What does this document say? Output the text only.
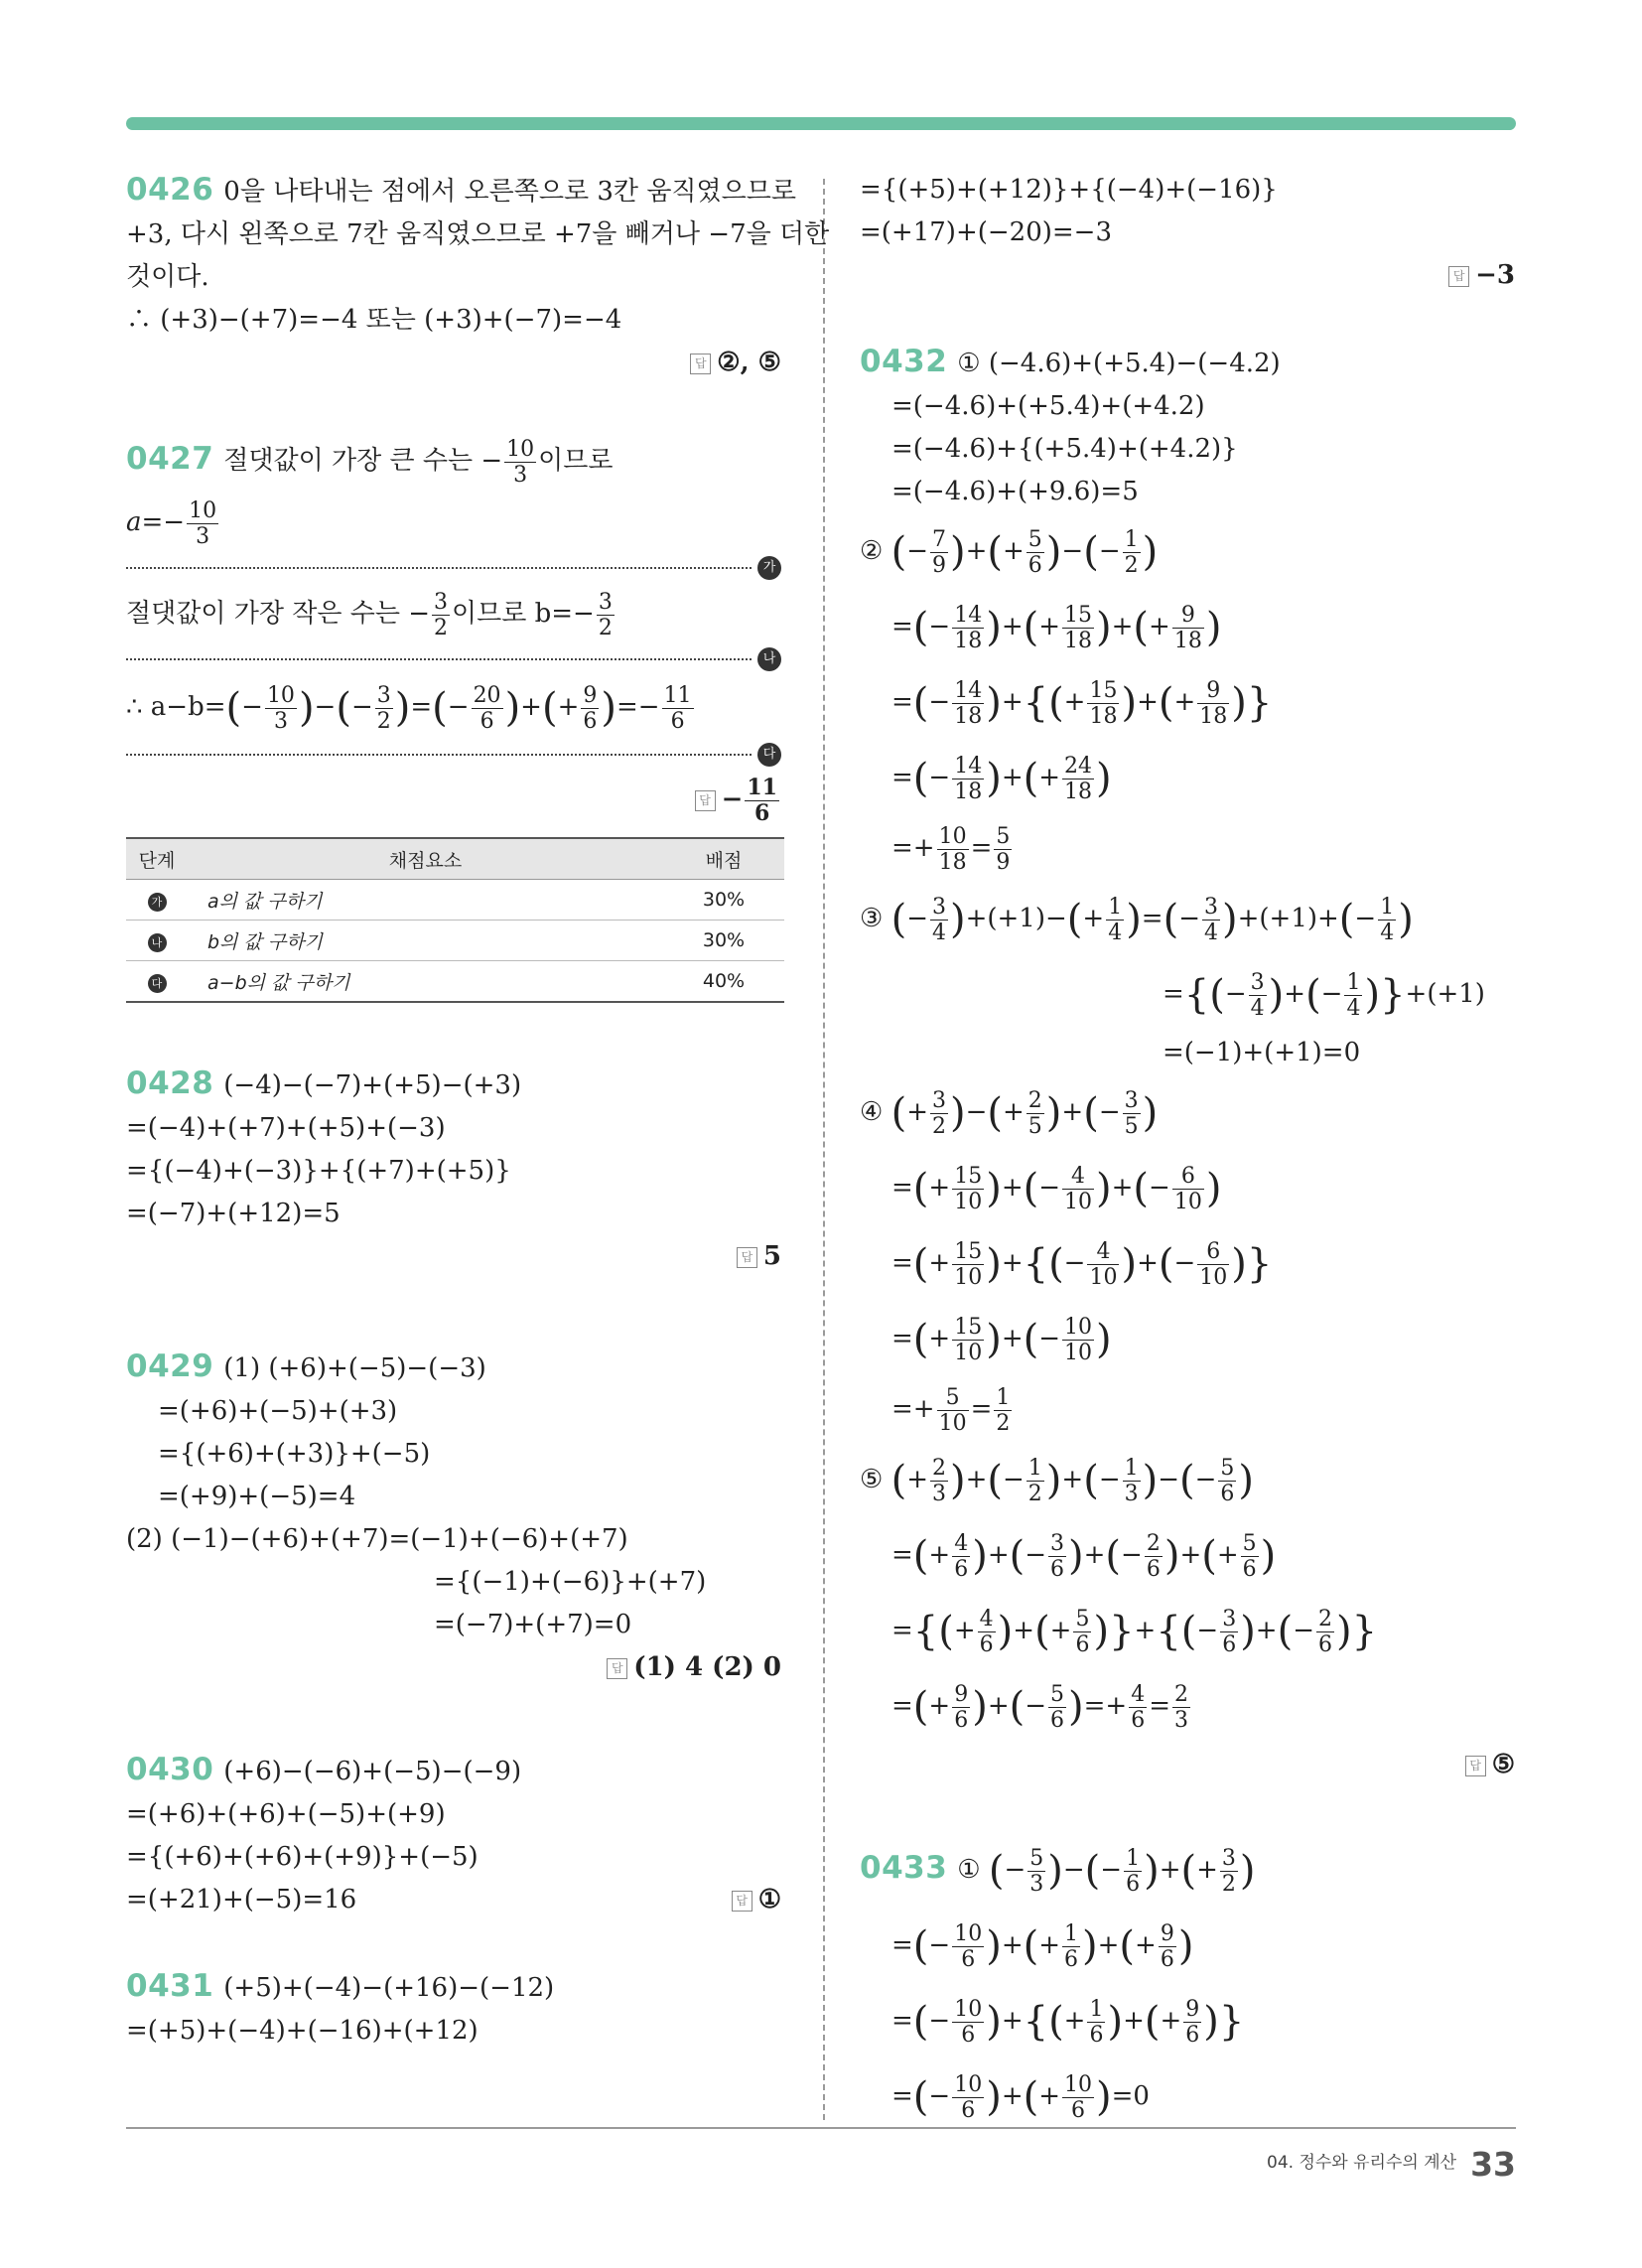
0426 0을 나타내는 점에서 오른쪽으로 3칸 움직였으므로
+3, 다시 왼쪽으로 7칸 움직였으므로 +7을 빼거나 −7을 더한
것이다.
∴ (+3)−(+7)=−4 또는 (+3)+(−7)=−4
답 ②, ⑤
0427 절댓값이 가장 큰 수는 − $\frac{10}{3}$ 이므로
$a=- \frac{10}{3}$
가
절댓값이 가장 작은 수는 − $\frac{3}{2}$ 이므로 $b=- \frac{3}{2}$
나
∴ $a-b=(- \frac{10}{3}$ )−(− $\frac{3}{2}$ )=(− $\frac{20}{6}$ )+(+ $\frac{9}{6}$ )=− $\frac{11}{6}$
다
답 − $\frac{11}{6}$
단계	채점요소	배점
가	a의 값 구하기	30%
나	b의 값 구하기	30%
다	a−b의 값 구하기	40%
0428 (−4)−(−7)+(+5)−(+3)
=(−4)+(+7)+(+5)+(−3)
={(−4)+(−3)}+{(+7)+(+5)}
=(−7)+(+12)=5
답 5
0429 (1) (+6)+(−5)−(−3)
=(+6)+(−5)+(+3)
={(+6)+(+3)}+(−5)
=(+9)+(−5)=4
(2) (−1)−(+6)+(+7)=(−1)+(−6)+(+7)
={(−1)+(−6)}+(+7)
=(−7)+(+7)=0
답 (1) 4 (2) 0
0430 (+6)−(−6)+(−5)−(−9)
=(+6)+(+6)+(−5)+(+9)
={(+6)+(+6)+(+9)}+(−5)
=(+21)+(−5)=16	답 ①
0431 (+5)+(−4)−(+16)−(−12)
=(+5)+(−4)+(−16)+(+12)
={(+5)+(+12)}+{(−4)+(−16)}
=(+17)+(−20)=−3
답 −3
0432 ① (−4.6)+(+5.4)−(−4.2)
=(−4.6)+(+5.4)+(+4.2)
=(−4.6)+{(+5.4)+(+4.2)}
=(−4.6)+(+9.6)=5
② (− $\frac{7}{9}$ )+(+ $\frac{5}{6}$ )−(− $\frac{1}{2}$ )
=(− $\frac{14}{18}$ )+(+ $\frac{15}{18}$ )+(+ $\frac{9}{18}$ )
=(− $\frac{14}{18}$ )+{(+ $\frac{15}{18}$ )+(+ $\frac{9}{18}$ )}
=(− $\frac{14}{18}$ )+(+ $\frac{24}{18}$ )
=+ $\frac{10}{18} = \frac{5}{9}$
③ (− $\frac{3}{4} )+(+1)-(+ \frac{1}{4}$ )=(− $\frac{3}{4} )+(+1)+(- \frac{1}{4}$ )
={(− $\frac{3}{4}$ )+(− $\frac{1}{4} )\}+(+1)$
=(−1)+(+1)=0
④ (+ $\frac{3}{2}$ )−(+ $\frac{2}{5}$ )+(− $\frac{3}{5}$ )
=(+ $\frac{15}{10}$ )+(− $\frac{4}{10}$ )+(− $\frac{6}{10}$ )
=(+ $\frac{15}{10}$ )+{(− $\frac{4}{10}$ )+(− $\frac{6}{10}$ )}
=(+ $\frac{15}{10}$ )+(− $\frac{10}{10}$ )
=+ $\frac{5}{10} = \frac{1}{2}$
⑤ (+ $\frac{2}{3}$ )+(− $\frac{1}{2}$ )+(− $\frac{1}{3}$ )−(− $\frac{5}{6}$ )
=(+ $\frac{4}{6}$ )+(− $\frac{3}{6}$ )+(− $\frac{2}{6}$ )+(+ $\frac{5}{6}$ )
={(+ $\frac{4}{6}$ )+(+ $\frac{5}{6}$ )}+{(− $\frac{3}{6}$ )+(− $\frac{2}{6}$ )}
=(+ $\frac{9}{6}$ )+(− $\frac{5}{6}$ )=+ $\frac{4}{6} = \frac{2}{3}$
답 ⑤
0433 ① (− $\frac{5}{3}$ )−(− $\frac{1}{6}$ )+(+ $\frac{3}{2}$ )
=(− $\frac{10}{6}$ )+(+ $\frac{1}{6}$ )+(+ $\frac{9}{6}$ )
=(− $\frac{10}{6}$ )+{(+ $\frac{1}{6}$ )+(+ $\frac{9}{6}$ )}
=(− $\frac{10}{6}$ )+(+ $\frac{10}{6} )=0$
04. 정수와 유리수의 계산 33
